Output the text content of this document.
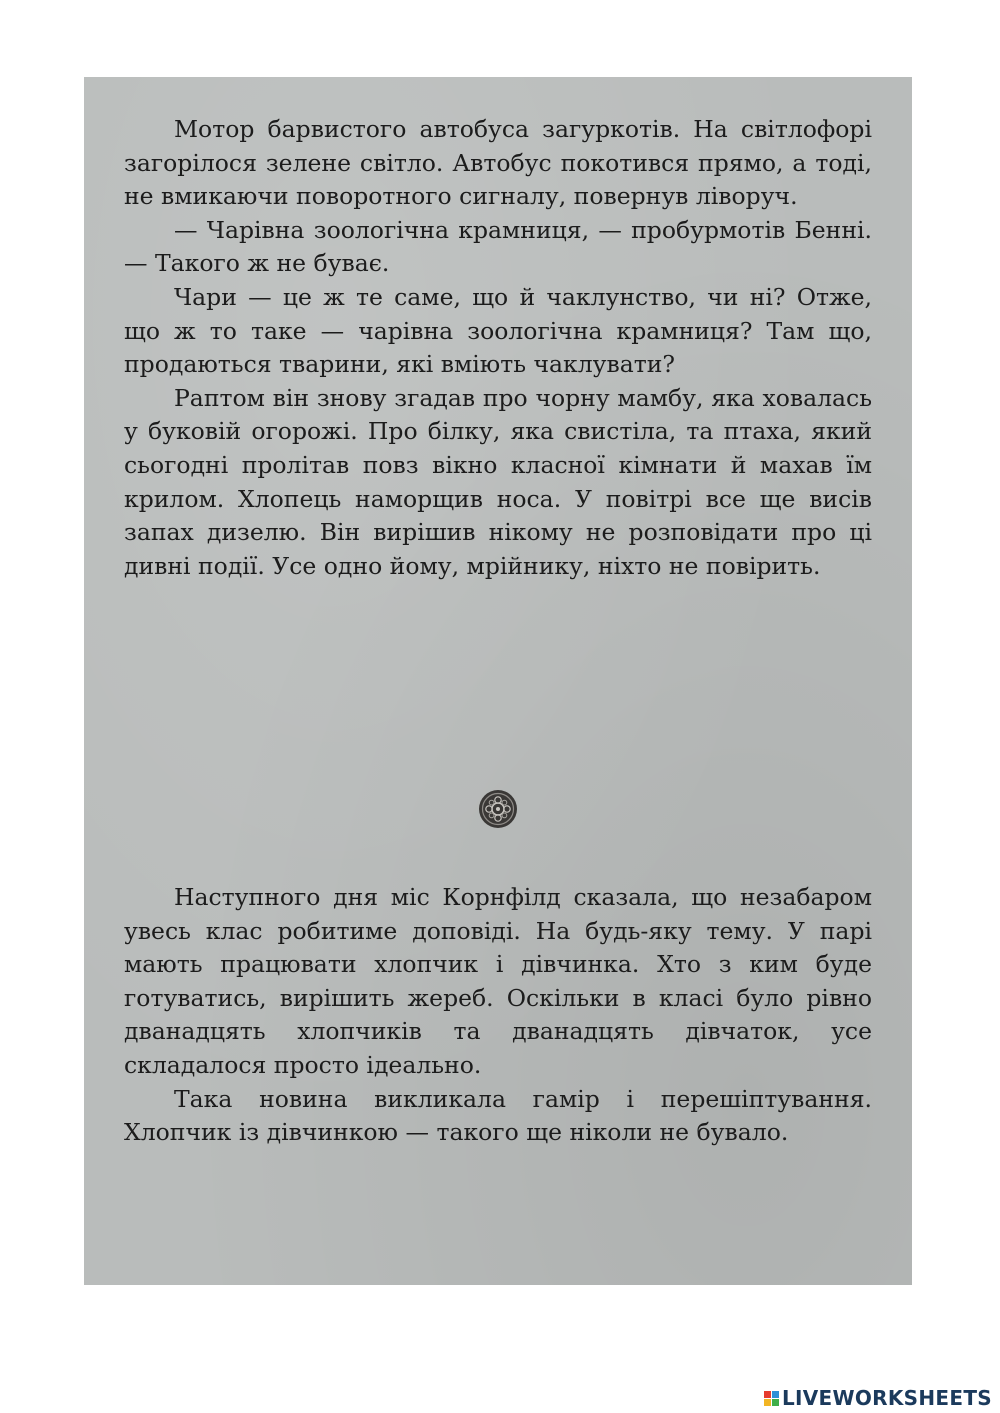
Мотор барвистого автобуса загуркотів. На світлофорі загорілося зелене світло. Автобус покотився прямо, а тоді, не вмикаючи поворотного сигналу, повернув ліворуч.

— Чарівна зоологічна крамниця, — пробурмотів Бенні. — Такого ж не буває.

Чари — це ж те саме, що й чаклунство, чи ні? Отже, що ж то таке — чарівна зоологічна крамниця? Там що, продаються тварини, які вміють чаклувати?

Раптом він знову згадав про чорну мамбу, яка ховалась у буковій огорожі. Про білку, яка свистіла, та птаха, який сьогодні пролітав повз вікно класної кімнати й махав їм крилом. Хлопець наморщив носа. У повітрі все ще висів запах дизелю. Він вирішив нікому не розповідати про ці дивні події. Усе одно йому, мрійнику, ніхто не повірить.

Наступного дня міс Корнфілд сказала, що незабаром увесь клас робитиме доповіді. На будь-яку тему. У парі мають працювати хлопчик і дівчинка. Хто з ким буде готуватись, вирішить жереб. Оскільки в класі було рівно дванадцять хлопчиків та дванадцять дівчаток, усе складалося просто ідеально.

Така новина викликала гамір і перешіптування. Хлопчик із дівчинкою — такого ще ніколи не бувало.

LIVEWORKSHEETS
